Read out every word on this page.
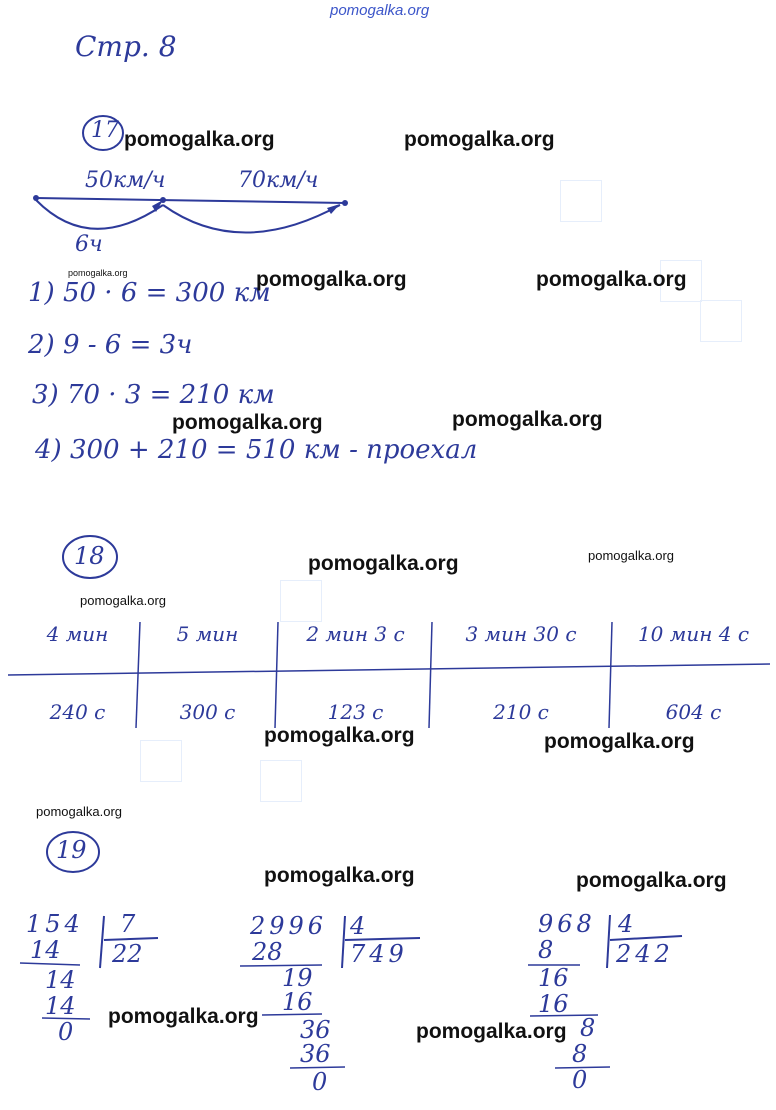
pomogalka.org
Стр. 8
17
50км/ч	70км/ч
6ч
1) 50 · 6 = 300 км
2) 9 - 6 = 3ч
3) 70 · 3 = 210 км
4) 300 + 210 = 510 км - проехал
18
4 мин	5 мин	2 мин 3 с	3 мин 30 с	10 мин 4 с
240 с	300 с	123 с	210 с	604 с
19
154 7
22
14
14
14
0
2996 4
749
28
19
16
36
36
0
968 4
242
8
16
16
8
8
0
pomogalka.org	pomogalka.org
pomogalka.org	pomogalka.org	pomogalka.org
pomogalka.org	pomogalka.org
pomogalka.org	pomogalka.org
pomogalka.org
pomogalka.org	pomogalka.org
pomogalka.org
pomogalka.org	pomogalka.org
pomogalka.org
pomogalka.org
